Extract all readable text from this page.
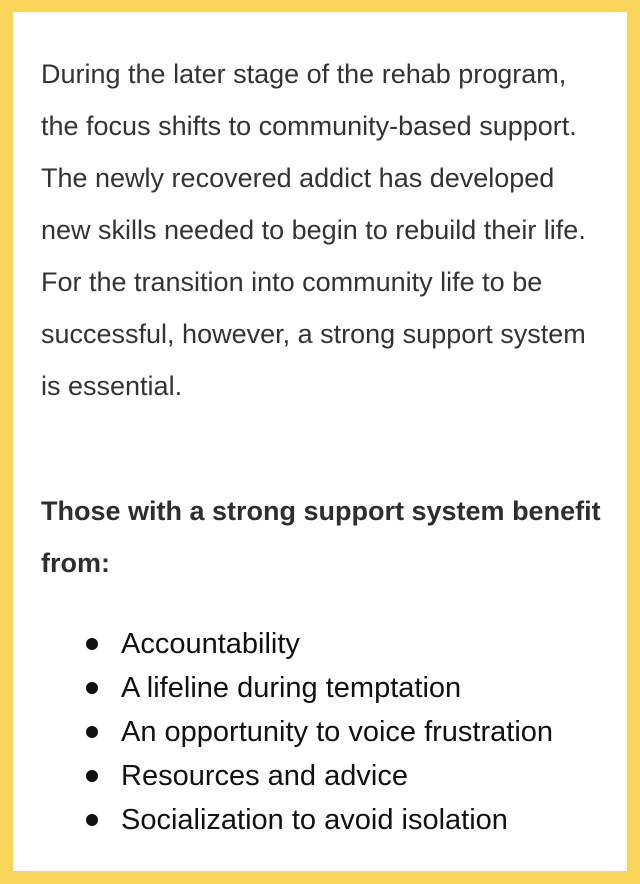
During the later stage of the rehab program, the focus shifts to community-based support. The newly recovered addict has developed new skills needed to begin to rebuild their life. For the transition into community life to be successful, however, a strong support system is essential.

Those with a strong support system benefit from:

Accountability
A lifeline during temptation
An opportunity to voice frustration
Resources and advice
Socialization to avoid isolation
